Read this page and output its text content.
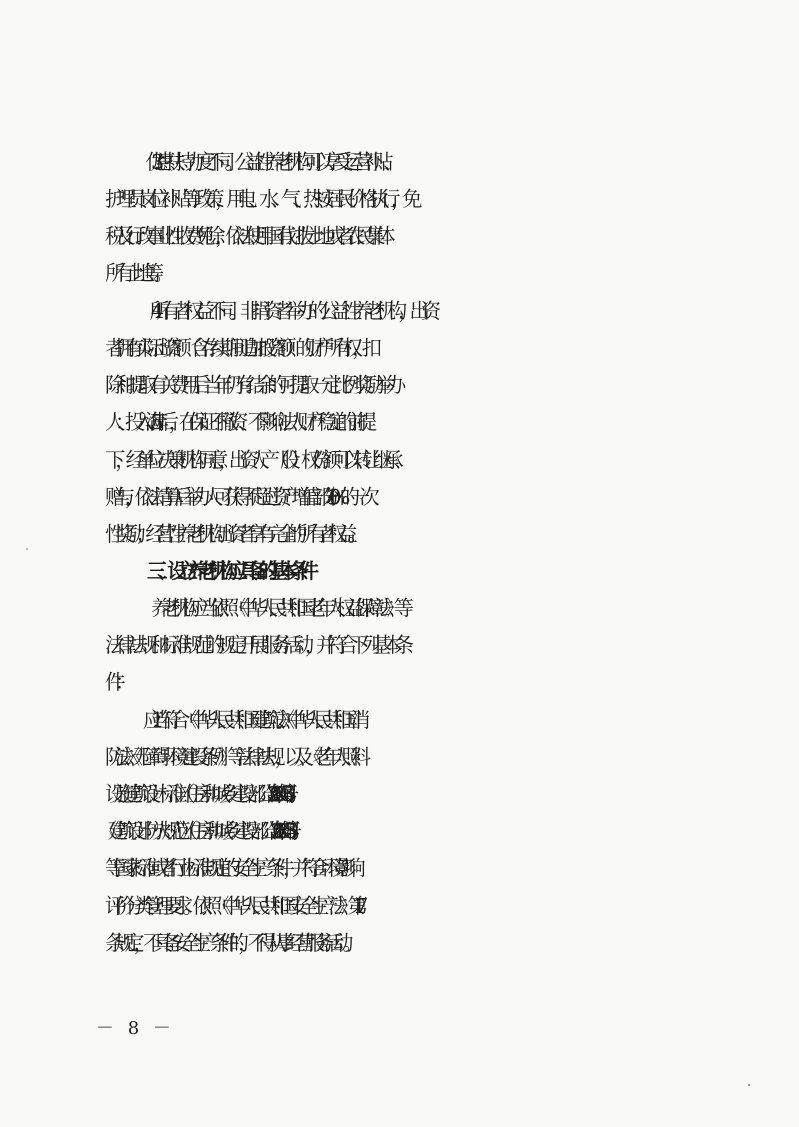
3. 优惠扶持力度不同。公益性养老机构可以享受运营补贴、
护理员岗位补贴等政策，用电、水、气、热按居民价格执行，免
税及行政事业性收费免除，依法使用国有划拨土地或者农民集体
所有土地等。
4. 所有者权益不同。非捐资者举办的公益性养老机构，出资
者拥有实际出资额（含存续期间追加投资额）的财产所有权，扣
除和提取有关费用后当年仍有结余的可提取一定比例奖励举办
人：投入满 5 年后，在保证不撤资、不影响法人财产稳定的前提
下，经单位决策机构同意，出资人产（股）权份额可以转让继承、
赠与，依法清算后举办人可获得不超过资产增值部分 10%的一次
性奖励；经营性养老机构出资者享有完全的所有者权益。
三、设立养老机构应具备的基本条件
养老机构应当依照《中华人民共和国老年人权益保障法》等
法律法规和标准规范的规定开展服务活动，并符合下列基本条
件：
1. 应当符合《中华人民共和国建筑法》、《中华人民共和国消
防法》、《无障碍环境建设条例》等法律法规，以及《老年人照料
设施建筑设计标准》（住房和城乡建设部公告 2018 年第 36 号）、
《建筑设计防火规范》（住房和城乡建设部公告 2018 年第 35 号）
等国家标准或者行业标准规定的安全生产条件，并符合环境影响
评价分类管理要求。依照《中华人民共和国安全生产法》第 17
条规定，不具备安全生产条件的，不得从事经营服务活动。
－ 8 －
